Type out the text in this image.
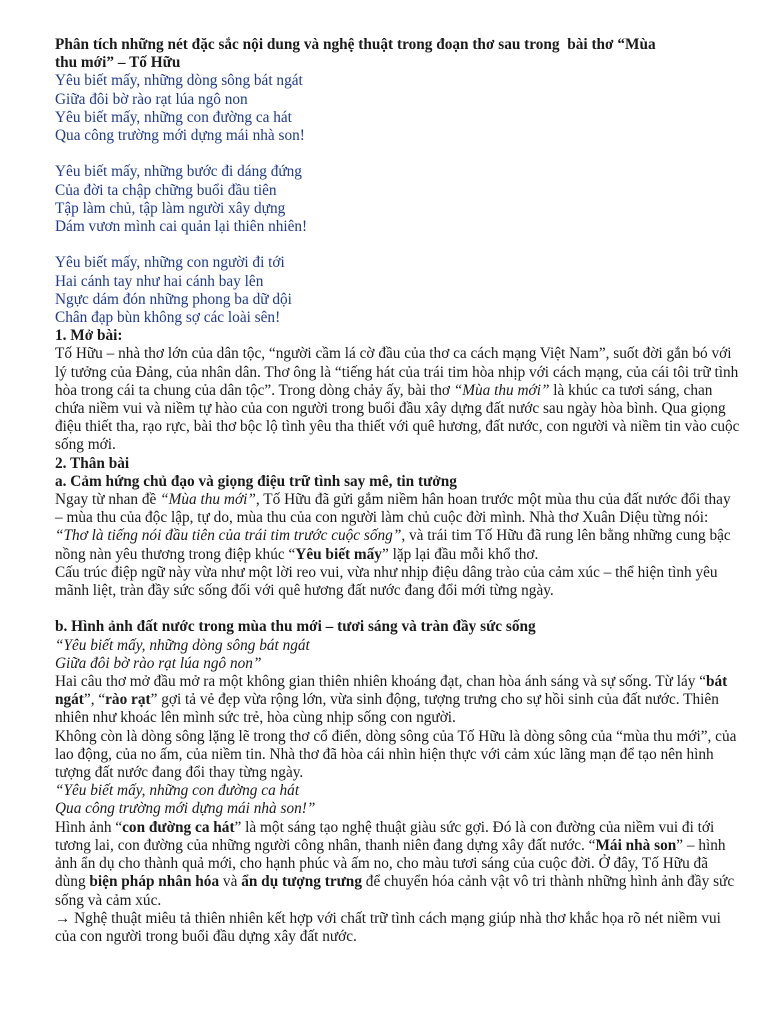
Phân tích những nét đặc sắc nội dung và nghệ thuật trong đoạn thơ sau trong  bài thơ “Mùa

thu mới” – Tố Hữu

Yêu biết mấy, những dòng sông bát ngát

Giữa đôi bờ rào rạt lúa ngô non

Yêu biết mấy, những con đường ca hát

Qua công trường mới dựng mái nhà son!

Yêu biết mấy, những bước đi dáng đứng

Của đời ta chập chững buổi đầu tiên

Tập làm chủ, tập làm người xây dựng

Dám vươn mình cai quản lại thiên nhiên!

Yêu biết mấy, những con người đi tới

Hai cánh tay như hai cánh bay lên

Ngực dám đón những phong ba dữ dội

Chân đạp bùn không sợ các loài sên!

1. Mở bài:

Tố Hữu – nhà thơ lớn của dân tộc, “người cầm lá cờ đầu của thơ ca cách mạng Việt Nam”, suốt đời gắn bó với lý tưởng của Đảng, của nhân dân. Thơ ông là “tiếng hát của trái tim hòa nhịp với cách mạng, của cái tôi trữ tình hòa trong cái ta chung của dân tộc”. Trong dòng chảy ấy, bài thơ “Mùa thu mới” là khúc ca tươi sáng, chan chứa niềm vui và niềm tự hào của con người trong buổi đầu xây dựng đất nước sau ngày hòa bình. Qua giọng điệu thiết tha, rạo rực, bài thơ bộc lộ tình yêu tha thiết với quê hương, đất nước, con người và niềm tin vào cuộc sống mới.

2. Thân bài

a. Cảm hứng chủ đạo và giọng điệu trữ tình say mê, tin tưởng

Ngay từ nhan đề “Mùa thu mới”, Tố Hữu đã gửi gắm niềm hân hoan trước một mùa thu của đất nước đổi thay – mùa thu của độc lập, tự do, mùa thu của con người làm chủ cuộc đời mình. Nhà thơ Xuân Diệu từng nói: “Thơ là tiếng nói đầu tiên của trái tim trước cuộc sống”, và trái tim Tố Hữu đã rung lên bằng những cung bậc nồng nàn yêu thương trong điệp khúc “Yêu biết mấy” lặp lại đầu mỗi khổ thơ.

Cấu trúc điệp ngữ này vừa như một lời reo vui, vừa như nhịp điệu dâng trào của cảm xúc – thể hiện tình yêu mãnh liệt, tràn đầy sức sống đối với quê hương đất nước đang đổi mới từng ngày.

b. Hình ảnh đất nước trong mùa thu mới – tươi sáng và tràn đầy sức sống

“Yêu biết mấy, những dòng sông bát ngát

Giữa đôi bờ rào rạt lúa ngô non”

Hai câu thơ mở đầu mở ra một không gian thiên nhiên khoáng đạt, chan hòa ánh sáng và sự sống. Từ láy “bát ngát”, “rào rạt” gợi tả vẻ đẹp vừa rộng lớn, vừa sinh động, tượng trưng cho sự hồi sinh của đất nước. Thiên nhiên như khoác lên mình sức trẻ, hòa cùng nhịp sống con người.

Không còn là dòng sông lặng lẽ trong thơ cổ điển, dòng sông của Tố Hữu là dòng sông của “mùa thu mới”, của lao động, của no ấm, của niềm tin. Nhà thơ đã hòa cái nhìn hiện thực với cảm xúc lãng mạn để tạo nên hình tượng đất nước đang đổi thay từng ngày.

“Yêu biết mấy, những con đường ca hát

Qua công trường mới dựng mái nhà son!”

Hình ảnh “con đường ca hát” là một sáng tạo nghệ thuật giàu sức gợi. Đó là con đường của niềm vui đi tới tương lai, con đường của những người công nhân, thanh niên đang dựng xây đất nước. “Mái nhà son” – hình ảnh ẩn dụ cho thành quả mới, cho hạnh phúc và ấm no, cho màu tươi sáng của cuộc đời. Ở đây, Tố Hữu đã dùng biện pháp nhân hóa và ẩn dụ tượng trưng để chuyển hóa cảnh vật vô tri thành những hình ảnh đầy sức sống và cảm xúc.

→ Nghệ thuật miêu tả thiên nhiên kết hợp với chất trữ tình cách mạng giúp nhà thơ khắc họa rõ nét niềm vui của con người trong buổi đầu dựng xây đất nước.
